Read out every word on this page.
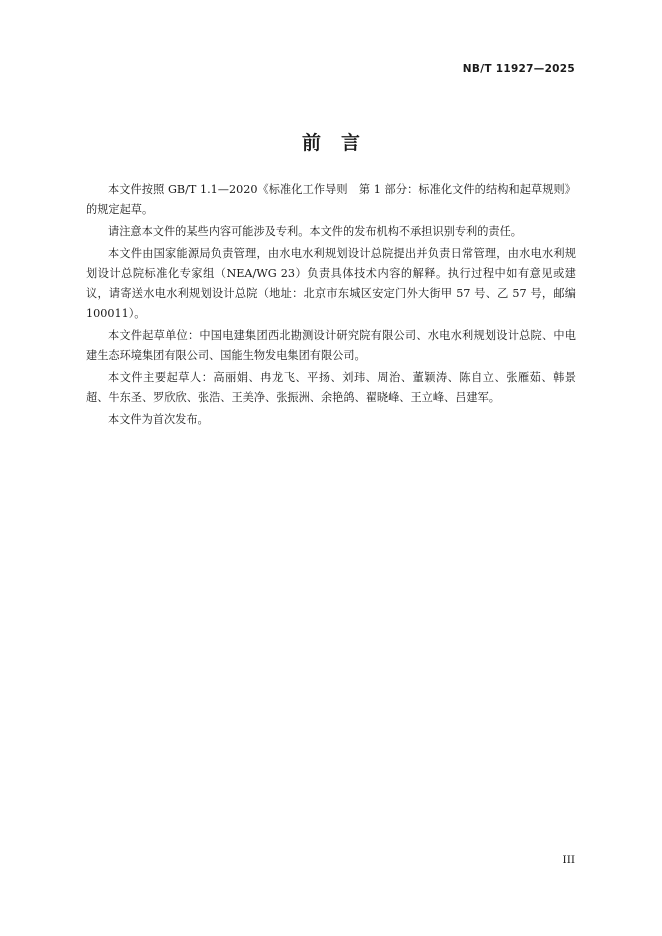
NB/T 11927—2025
前言

本文件按照 GB/T 1.1—2020《标准化工作导则　第 1 部分：标准化文件的结构和起草规则》的规定起草。

请注意本文件的某些内容可能涉及专利。本文件的发布机构不承担识别专利的责任。

本文件由国家能源局负责管理，由水电水利规划设计总院提出并负责日常管理，由水电水利规划设计总院标准化专家组（NEA/WG 23）负责具体技术内容的解释。执行过程中如有意见或建议，请寄送水电水利规划设计总院（地址：北京市东城区安定门外大街甲 57 号、乙 57 号，邮编100011）。

本文件起草单位：中国电建集团西北勘测设计研究院有限公司、水电水利规划设计总院、中电建生态环境集团有限公司、国能生物发电集团有限公司。

本文件主要起草人：高丽娟、冉龙飞、平扬、刘玮、周治、董颖涛、陈自立、张雁茹、韩景超、牛东圣、罗欣欣、张浩、王美净、张振洲、余艳鸽、翟晓峰、王立峰、吕建军。

本文件为首次发布。

III
